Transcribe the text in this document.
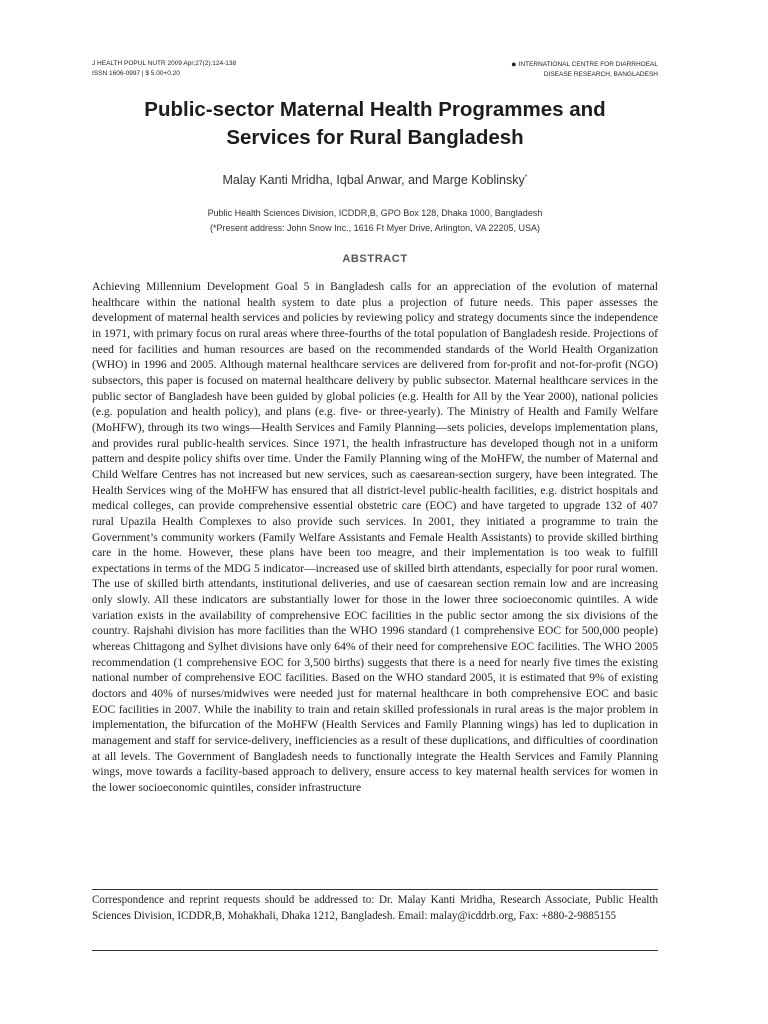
J HEALTH POPUL NUTR 2009 Apr;27(2):124-138
ISSN 1606-0997 | $ 5.00+0.20
● INTERNATIONAL CENTRE FOR DIARRHOEAL
DISEASE RESEARCH, BANGLADESH
Public-sector Maternal Health Programmes and
Services for Rural Bangladesh
Malay Kanti Mridha, Iqbal Anwar, and Marge Koblinsky*
Public Health Sciences Division, ICDDR,B, GPO Box 128, Dhaka 1000, Bangladesh
(*Present address: John Snow Inc., 1616 Ft Myer Drive, Arlington, VA 22205, USA)
ABSTRACT
Achieving Millennium Development Goal 5 in Bangladesh calls for an appreciation of the evolution of maternal healthcare within the national health system to date plus a projection of future needs. This paper assesses the development of maternal health services and policies by reviewing policy and strategy documents since the independence in 1971, with primary focus on rural areas where three-fourths of the total population of Bangladesh reside. Projections of need for facilities and human resources are based on the recommended standards of the World Health Organization (WHO) in 1996 and 2005. Although maternal healthcare services are delivered from for-profit and not-for-profit (NGO) subsectors, this paper is focused on maternal healthcare delivery by public subsector. Maternal healthcare services in the public sector of Bangladesh have been guided by global policies (e.g. Health for All by the Year 2000), national policies (e.g. population and health policy), and plans (e.g. five- or three-yearly). The Ministry of Health and Family Welfare (MoHFW), through its two wings—Health Services and Family Planning—sets policies, develops implementation plans, and provides rural public-health services. Since 1971, the health infrastructure has developed though not in a uniform pattern and despite policy shifts over time. Under the Family Planning wing of the MoHFW, the number of Maternal and Child Welfare Centres has not increased but new services, such as caesarean-section surgery, have been integrated. The Health Services wing of the MoHFW has ensured that all district-level public-health facilities, e.g. district hospitals and medical colleges, can provide comprehensive essential obstetric care (EOC) and have targeted to upgrade 132 of 407 rural Upazila Health Complexes to also provide such services. In 2001, they initiated a programme to train the Government’s community workers (Family Welfare Assistants and Female Health Assistants) to provide skilled birthing care in the home. However, these plans have been too meagre, and their implementation is too weak to fulfill expectations in terms of the MDG 5 indicator—increased use of skilled birth attendants, especially for poor rural women. The use of skilled birth attendants, institutional deliveries, and use of caesarean section remain low and are increasing only slowly. All these indicators are substantially lower for those in the lower three socioeconomic quintiles. A wide variation exists in the availability of comprehensive EOC facilities in the public sector among the six divisions of the country. Rajshahi division has more facilities than the WHO 1996 standard (1 comprehensive EOC for 500,000 people) whereas Chittagong and Sylhet divisions have only 64% of their need for comprehensive EOC facilities. The WHO 2005 recommendation (1 comprehensive EOC for 3,500 births) suggests that there is a need for nearly five times the existing national number of comprehensive EOC facilities. Based on the WHO standard 2005, it is estimated that 9% of existing doctors and 40% of nurses/midwives were needed just for maternal healthcare in both comprehensive EOC and basic EOC facilities in 2007. While the inability to train and retain skilled professionals in rural areas is the major problem in implementation, the bifurcation of the MoHFW (Health Services and Family Planning wings) has led to duplication in management and staff for service-delivery, inefficiencies as a result of these duplications, and difficulties of coordination at all levels. The Government of Bangladesh needs to functionally integrate the Health Services and Family Planning wings, move towards a facility-based approach to delivery, ensure access to key maternal health services for women in the lower socioeconomic quintiles, consider infrastructure
Correspondence and reprint requests should be addressed to: Dr. Malay Kanti Mridha, Research Associate, Public Health Sciences Division, ICDDR,B, Mohakhali, Dhaka 1212, Bangladesh. Email: malay@icddrb.org, Fax: +880-2-9885155
